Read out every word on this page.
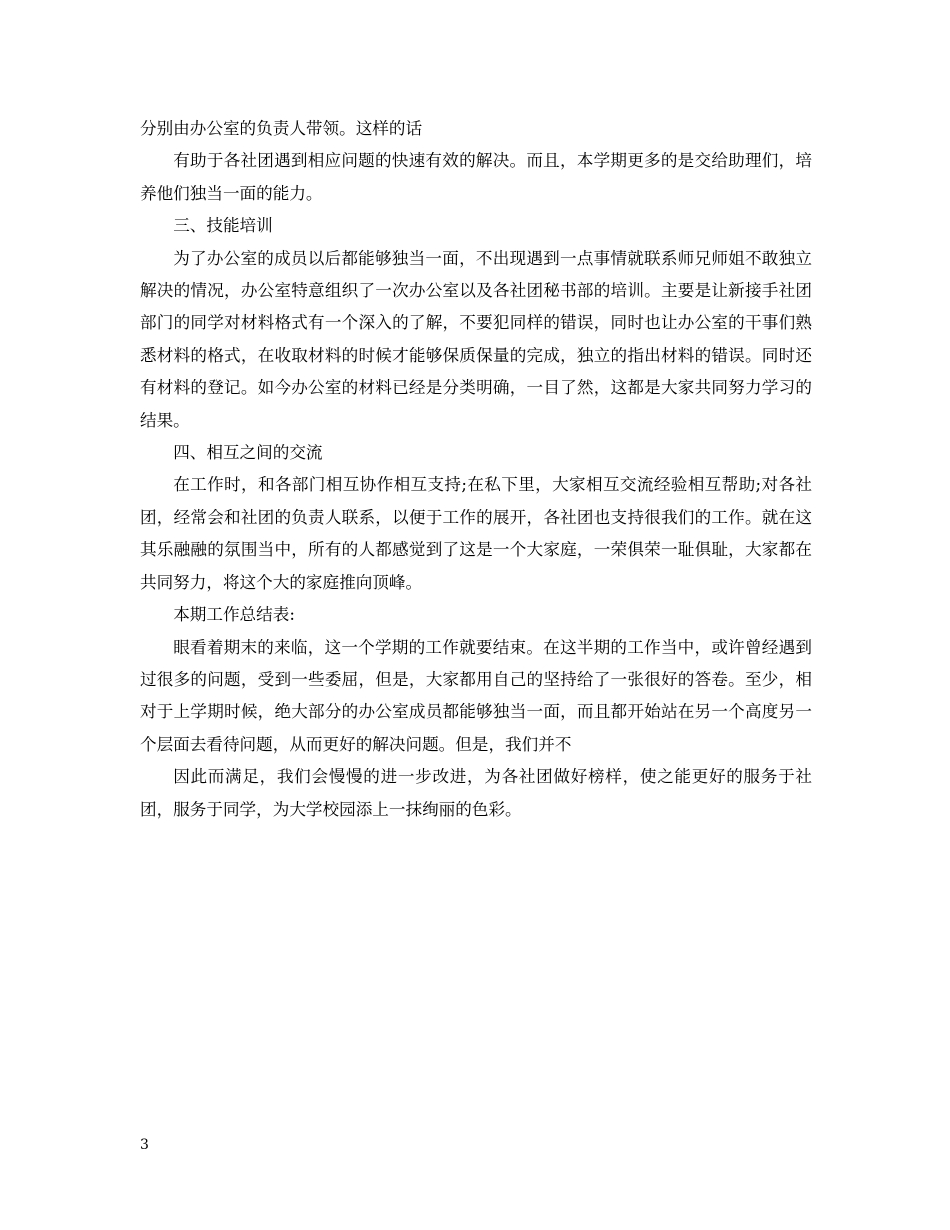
分别由办公室的负责人带领。这样的话

有助于各社团遇到相应问题的快速有效的解决。而且，本学期更多的是交给助理们，培养他们独当一面的能力。

三、技能培训

为了办公室的成员以后都能够独当一面，不出现遇到一点事情就联系师兄师姐不敢独立解决的情况，办公室特意组织了一次办公室以及各社团秘书部的培训。主要是让新接手社团部门的同学对材料格式有一个深入的了解，不要犯同样的错误，同时也让办公室的干事们熟悉材料的格式，在收取材料的时候才能够保质保量的完成，独立的指出材料的错误。同时还有材料的登记。如今办公室的材料已经是分类明确，一目了然，这都是大家共同努力学习的结果。

四、相互之间的交流

在工作时，和各部门相互协作相互支持;在私下里，大家相互交流经验相互帮助;对各社团，经常会和社团的负责人联系，以便于工作的展开，各社团也支持很我们的工作。就在这其乐融融的氛围当中，所有的人都感觉到了这是一个大家庭，一荣俱荣一耻俱耻，大家都在共同努力，将这个大的家庭推向顶峰。

本期工作总结表:

眼看着期末的来临，这一个学期的工作就要结束。在这半期的工作当中，或许曾经遇到过很多的问题，受到一些委屈，但是，大家都用自己的坚持给了一张很好的答卷。至少，相对于上学期时候，绝大部分的办公室成员都能够独当一面，而且都开始站在另一个高度另一个层面去看待问题，从而更好的解决问题。但是，我们并不

因此而满足，我们会慢慢的进一步改进，为各社团做好榜样，使之能更好的服务于社团，服务于同学，为大学校园添上一抹绚丽的色彩。

3
